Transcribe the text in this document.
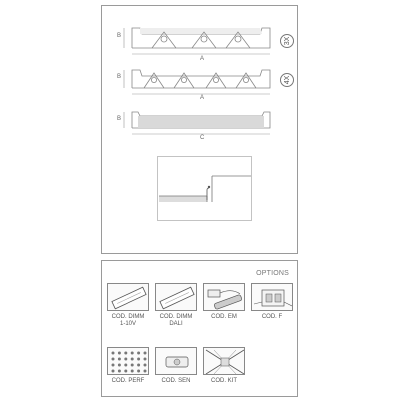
B
A
3X
B
A
4X
B
C
OPTIONS
COD. DIMM
1-10V
COD. DIMM
DALI
COD. EM	COD. F
COD. PERF	COD. SEN	COD. KIT
